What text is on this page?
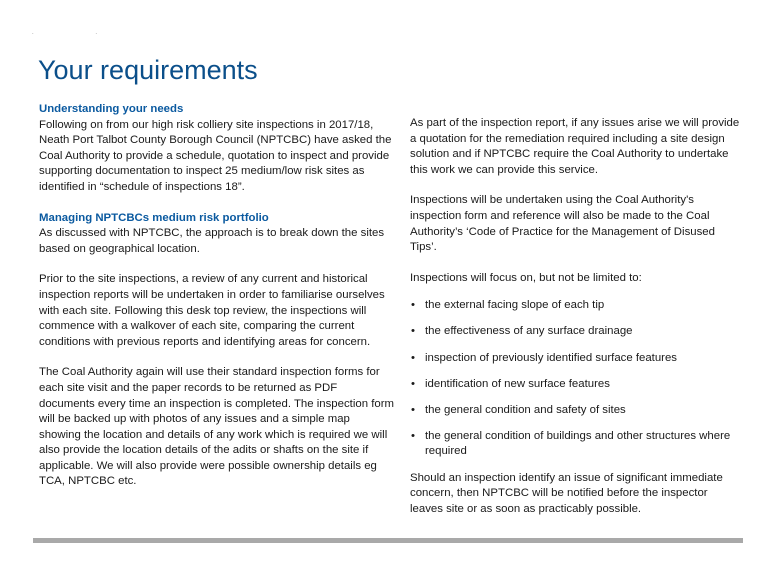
. .
Your requirements
Understanding your needs

Following on from our high risk colliery site inspections in 2017/18, Neath Port Talbot County Borough Council (NPTCBC) have asked the Coal Authority to provide a schedule, quotation to inspect and provide supporting documentation to inspect 25 medium/low risk sites as identified in “schedule of inspections 18”.

Managing NPTCBCs medium risk portfolio

As discussed with NPTCBC, the approach is to break down the sites based on geographical location.

Prior to the site inspections, a review of any current and historical inspection reports will be undertaken in order to familiarise ourselves with each site. Following this desk top review, the inspections will commence with a walkover of each site, comparing the current conditions with previous reports and identifying areas for concern.

The Coal Authority again will use their standard inspection forms for each site visit and the paper records to be returned as PDF documents every time an inspection is completed. The inspection form will be backed up with photos of any issues and a simple map showing the location and details of any work which is required we will also provide the location details of the adits or shafts on the site if applicable. We will also provide were possible ownership details eg TCA, NPTCBC etc.

As part of the inspection report, if any issues arise we will provide a quotation for the remediation required including a site design solution and if NPTCBC require the Coal Authority to undertake this work we can provide this service.

Inspections will be undertaken using the Coal Authority's inspection form and reference will also be made to the Coal Authority’s ‘Code of Practice for the Management of Disused Tips’.

Inspections will focus on, but not be limited to:

• the external facing slope of each tip
• the effectiveness of any surface drainage
• inspection of previously identified surface features
• identification of new surface features
• the general condition and safety of sites
• the general condition of buildings and other structures where required

Should an inspection identify an issue of significant immediate concern, then NPTCBC will be notified before the inspector leaves site or as soon as practicably possible.
